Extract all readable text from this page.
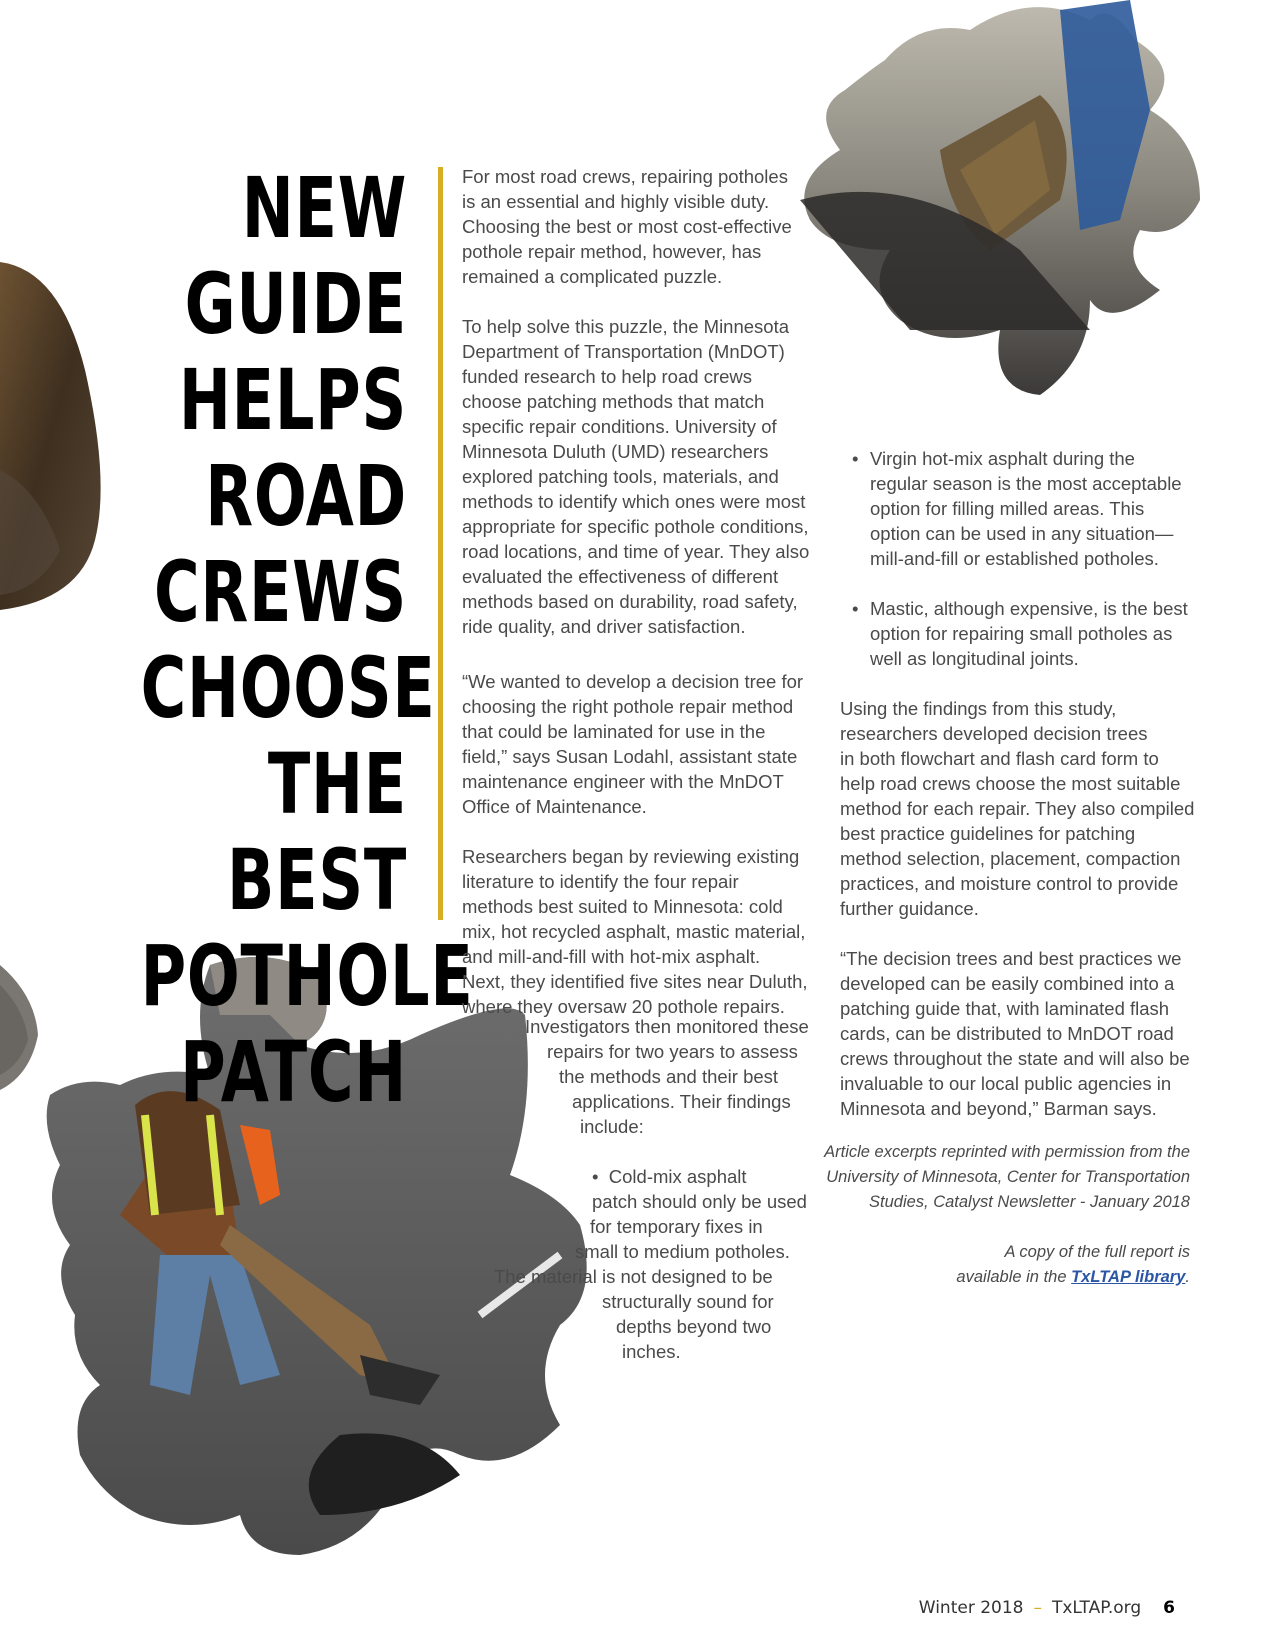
NEW GUIDE
HELPS
ROAD
CREWS
CHOOSE
THE BEST
POTHOLE
PATCH

For most road crews, repairing potholes
is an essential and highly visible duty.
Choosing the best or most cost-effective
pothole repair method, however, has
remained a complicated puzzle.

To help solve this puzzle, the Minnesota
Department of Transportation (MnDOT)
funded research to help road crews
choose patching methods that match
specific repair conditions. University of
Minnesota Duluth (UMD) researchers
explored patching tools, materials, and
methods to identify which ones were most
appropriate for specific pothole conditions,
road locations, and time of year. They also
evaluated the effectiveness of different
methods based on durability, road safety,
ride quality, and driver satisfaction.

“We wanted to develop a decision tree for
choosing the right pothole repair method
that could be laminated for use in the
field,” says Susan Lodahl, assistant state
maintenance engineer with the MnDOT
Office of Maintenance.

Researchers began by reviewing existing
literature to identify the four repair
methods best suited to Minnesota: cold
mix, hot recycled asphalt, mastic material,
and mill-and-fill with hot-mix asphalt.
Next, they identified five sites near Duluth,
where they oversaw 20 pothole repairs.

Investigators then monitored these
repairs for two years to assess
the methods and their best
applications. Their findings
include:
• Cold-mix asphalt
patch should only be used
for temporary fixes in
small to medium potholes.
The material is not designed to be
structurally sound for
depths beyond two
inches.
• Virgin hot-mix asphalt during the
regular season is the most acceptable
option for filling milled areas. This
option can be used in any situation—
mill-and-fill or established potholes.
• Mastic, although expensive, is the best
option for repairing small potholes as
well as longitudinal joints.

Using the findings from this study,
researchers developed decision trees
in both flowchart and flash card form to
help road crews choose the most suitable
method for each repair. They also compiled
best practice guidelines for patching
method selection, placement, compaction
practices, and moisture control to provide
further guidance.

“The decision trees and best practices we
developed can be easily combined into a
patching guide that, with laminated flash
cards, can be distributed to MnDOT road
crews throughout the state and will also be
invaluable to our local public agencies in
Minnesota and beyond,” Barman says.

Article excerpts reprinted with permission from the
University of Minnesota, Center for Transportation
Studies, Catalyst Newsletter - January 2018
A copy of the full report is
available in the TxLTAP library.
Winter 2018 – TxLTAP.org 6
